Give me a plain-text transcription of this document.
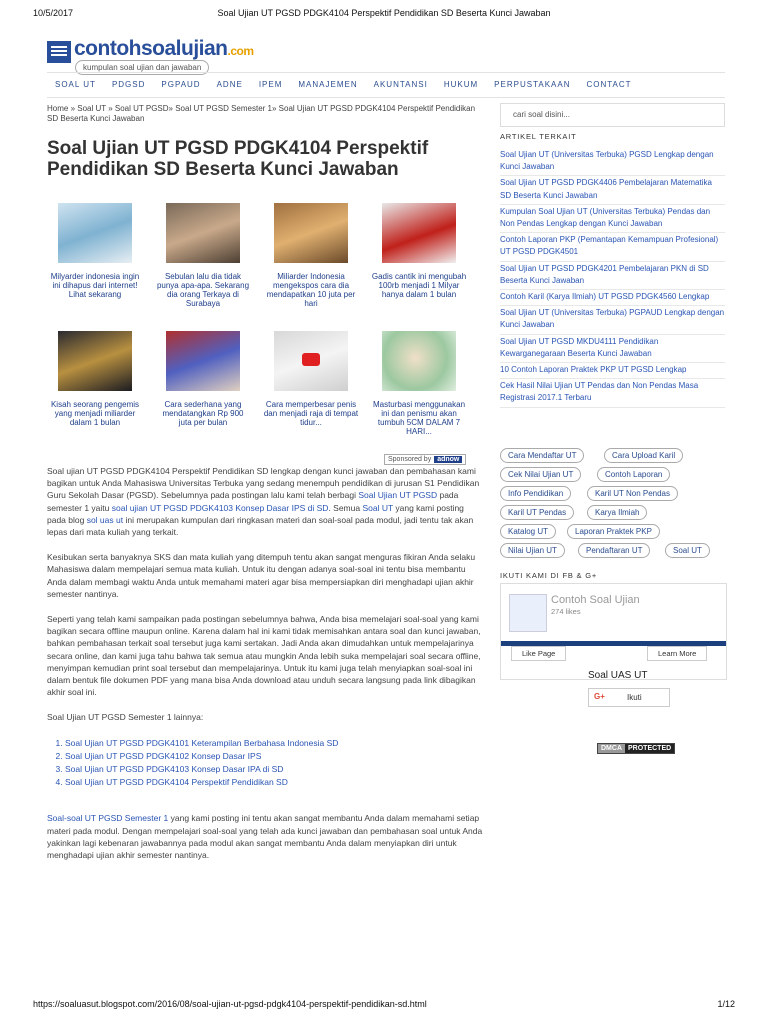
10/5/2017	Soal Ujian UT PGSD PDGK4104 Perspektif Pendidikan SD Beserta Kunci Jawaban
contohsoalujian.com
kumpulan soal ujian dan jawaban
SOAL UT	PDGSD	PGPAUD	ADNE	IPEM	MANAJEMEN	AKUNTANSI	HUKUM	PERPUSTAKAAN	CONTACT
Home » Soal UT » Soal UT PGSD» Soal UT PGSD Semester 1» Soal Ujian UT PGSD PDGK4104 Perspektif Pendidikan SD Beserta Kunci Jawaban
Soal Ujian UT PGSD PDGK4104 Perspektif Pendidikan SD Beserta Kunci Jawaban
Milyarder indonesia ingin ini dihapus dari internet! Lihat sekarang
Sebulan lalu dia tidak punya apa-apa. Sekarang dia orang Terkaya di Surabaya
Miliarder Indonesia mengekspos cara dia mendapatkan 10 juta per hari
Gadis cantik ini mengubah 100rb menjadi 1 Milyar hanya dalam 1 bulan
Kisah seorang pengemis yang menjadi miliarder dalam 1 bulan
Cara sederhana yang mendatangkan Rp 900 juta per bulan
Cara memperbesar penis dan menjadi raja di tempat tidur...
Masturbasi menggunakan ini dan penismu akan tumbuh 5CM DALAM 7 HARI...
Sponsored by adnow

Soal ujian UT PGSD PDGK4104 Perspektif Pendidikan SD lengkap dengan kunci jawaban dan pembahasan kami bagikan untuk Anda Mahasiswa Universitas Terbuka yang sedang menempuh pendidikan di jurusan S1 Pendidikan Guru Sekolah Dasar (PGSD). Sebelumnya pada postingan lalu kami telah berbagi Soal Ujian UT PGSD pada semester 1 yaitu soal ujian UT PGSD PDGK4103 Konsep Dasar IPS di SD. Semua Soal UT yang kami posting pada blog sol uas ut ini merupakan kumpulan dari ringkasan materi dan soal-soal pada modul, jadi tentu tak akan lepas dari mata kuliah yang terkait.

Kesibukan serta banyaknya SKS dan mata kuliah yang ditempuh tentu akan sangat menguras fikiran Anda selaku Mahasiswa dalam mempelajari semua mata kuliah. Untuk itu dengan adanya soal-soal ini tentu bisa membantu Anda dalam membagi waktu Anda untuk memahami materi agar bisa mempersiapkan diri menghadapi ujian akhir semester nantinya.

Seperti yang telah kami sampaikan pada postingan sebelumnya bahwa, Anda bisa memelajari soal-soal yang kami bagikan secara offline maupun online. Karena dalam hal ini kami tidak memisahkan antara soal dan kunci jawaban, bahkan pembahasan terkait soal tersebut juga kami sertakan. Jadi Anda akan dimudahkan untuk mempelajarinya secara online, dan kami juga tahu bahwa tak semua atau mungkin Anda lebih suka mempelajari soal secara offline, menyimpan kemudian print soal tersebut dan mempelajarinya. Untuk itu kami juga telah menyiapkan soal-soal ini dalam bentuk file dokumen PDF yang mana bisa Anda download atau unduh secara langsung pada link dibagikan akhir soal ini.

Soal Ujian UT PGSD Semester 1 lainnya:

1. Soal Ujian UT PGSD PDGK4101 Keterampilan Berbahasa Indonesia SD
2. Soal Ujian UT PGSD PDGK4102 Konsep Dasar IPS
3. Soal Ujian UT PGSD PDGK4103 Konsep Dasar IPA di SD
4. Soal Ujian UT PGSD PDGK4104 Perspektif Pendidikan SD

Soal-soal UT PGSD Semester 1 yang kami posting ini tentu akan sangat membantu Anda dalam memahami setiap materi pada modul. Dengan mempelajari soal-soal yang telah ada kunci jawaban dan pembahasan soal untuk Anda yakinkan lagi kebenaran jawabannya pada modul akan sangat membantu Anda dalam menyiapkan diri untuk menghadapi ujian akhir semester nantinya.

cari soal disini...
ARTIKEL TERKAIT
Soal Ujian UT (Universitas Terbuka) PGSD Lengkap dengan Kunci Jawaban
Soal Ujian UT PGSD PDGK4406 Pembelajaran Matematika SD Beserta Kunci Jawaban
Kumpulan Soal Ujian UT (Universitas Terbuka) Pendas dan Non Pendas Lengkap dengan Kunci Jawaban
Contoh Laporan PKP (Pemantapan Kemampuan Profesional) UT PGSD PDGK4501
Soal Ujian UT PGSD PDGK4201 Pembelajaran PKN di SD Beserta Kunci Jawaban
Contoh Karil (Karya Ilmiah) UT PGSD PDGK4560 Lengkap
Soal Ujian UT (Universitas Terbuka) PGPAUD Lengkap dengan Kunci Jawaban
Soal Ujian UT PGSD MKDU4111 Pendidikan Kewarganegaraan Beserta Kunci Jawaban
10 Contoh Laporan Praktek PKP UT PGSD Lengkap
Cek Hasil Nilai Ujian UT Pendas dan Non Pendas Masa Registrasi 2017.1 Terbaru
Cara Mendaftar UT	Cara Upload Karil
Cek Nilai Ujian UT	Contoh Laporan
Info Pendidikan	Karil UT Non Pendas
Karil UT Pendas	Karya Ilmiah
Katalog UT	Laporan Praktek PKP
Nilai Ujian UT	Pendaftaran UT	Soal UT
IKUTI KAMI DI FB & G+
Contoh Soal Ujian
274 likes
Like Page	Learn More
Soal UAS UT
G+	Ikuti
DMCA PROTECTED
https://soaluasut.blogspot.com/2016/08/soal-ujian-ut-pgsd-pdgk4104-perspektif-pendidikan-sd.html	1/12
